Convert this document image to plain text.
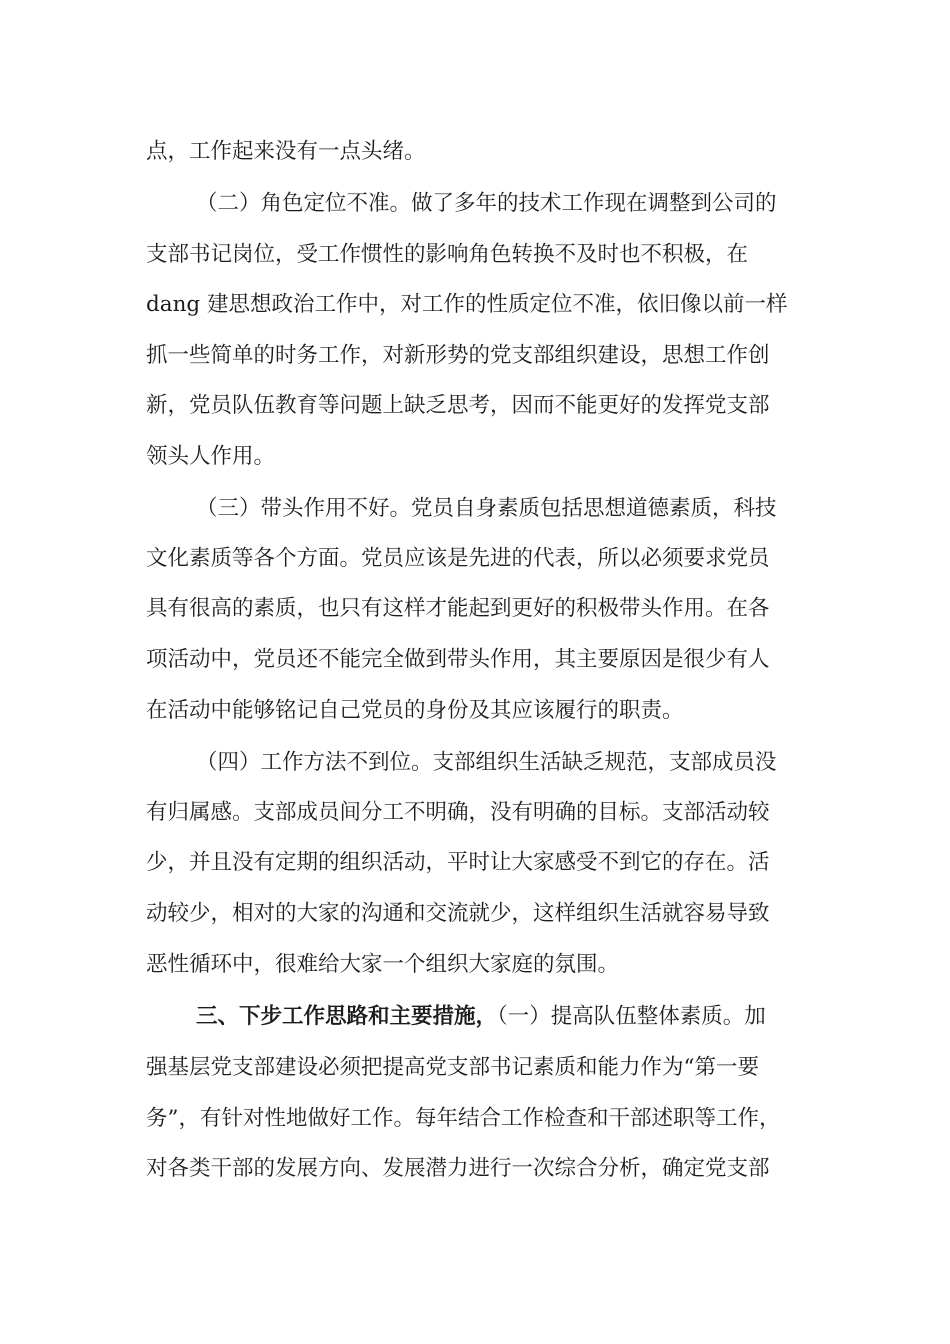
点，工作起来没有一点头绪。

（二）角色定位不准。做了多年的技术工作现在调整到公司的

支部书记岗位，受工作惯性的影响角色转换不及时也不积极，在

dang 建思想政治工作中，对工作的性质定位不准，依旧像以前一样

抓一些简单的时务工作，对新形势的党支部组织建设，思想工作创

新，党员队伍教育等问题上缺乏思考，因而不能更好的发挥党支部

领头人作用。

（三）带头作用不好。党员自身素质包括思想道德素质，科技

文化素质等各个方面。党员应该是先进的代表，所以必须要求党员

具有很高的素质，也只有这样才能起到更好的积极带头作用。在各

项活动中，党员还不能完全做到带头作用，其主要原因是很少有人

在活动中能够铭记自己党员的身份及其应该履行的职责。

（四）工作方法不到位。支部组织生活缺乏规范，支部成员没

有归属感。支部成员间分工不明确，没有明确的目标。支部活动较

少，并且没有定期的组织活动，平时让大家感受不到它的存在。活

动较少，相对的大家的沟通和交流就少，这样组织生活就容易导致

恶性循环中，很难给大家一个组织大家庭的氛围。

三、下步工作思路和主要措施，（一）提高队伍整体素质。加

强基层党支部建设必须把提高党支部书记素质和能力作为“第一要

务”，有针对性地做好工作。每年结合工作检查和干部述职等工作，

对各类干部的发展方向、发展潜力进行一次综合分析，确定党支部
